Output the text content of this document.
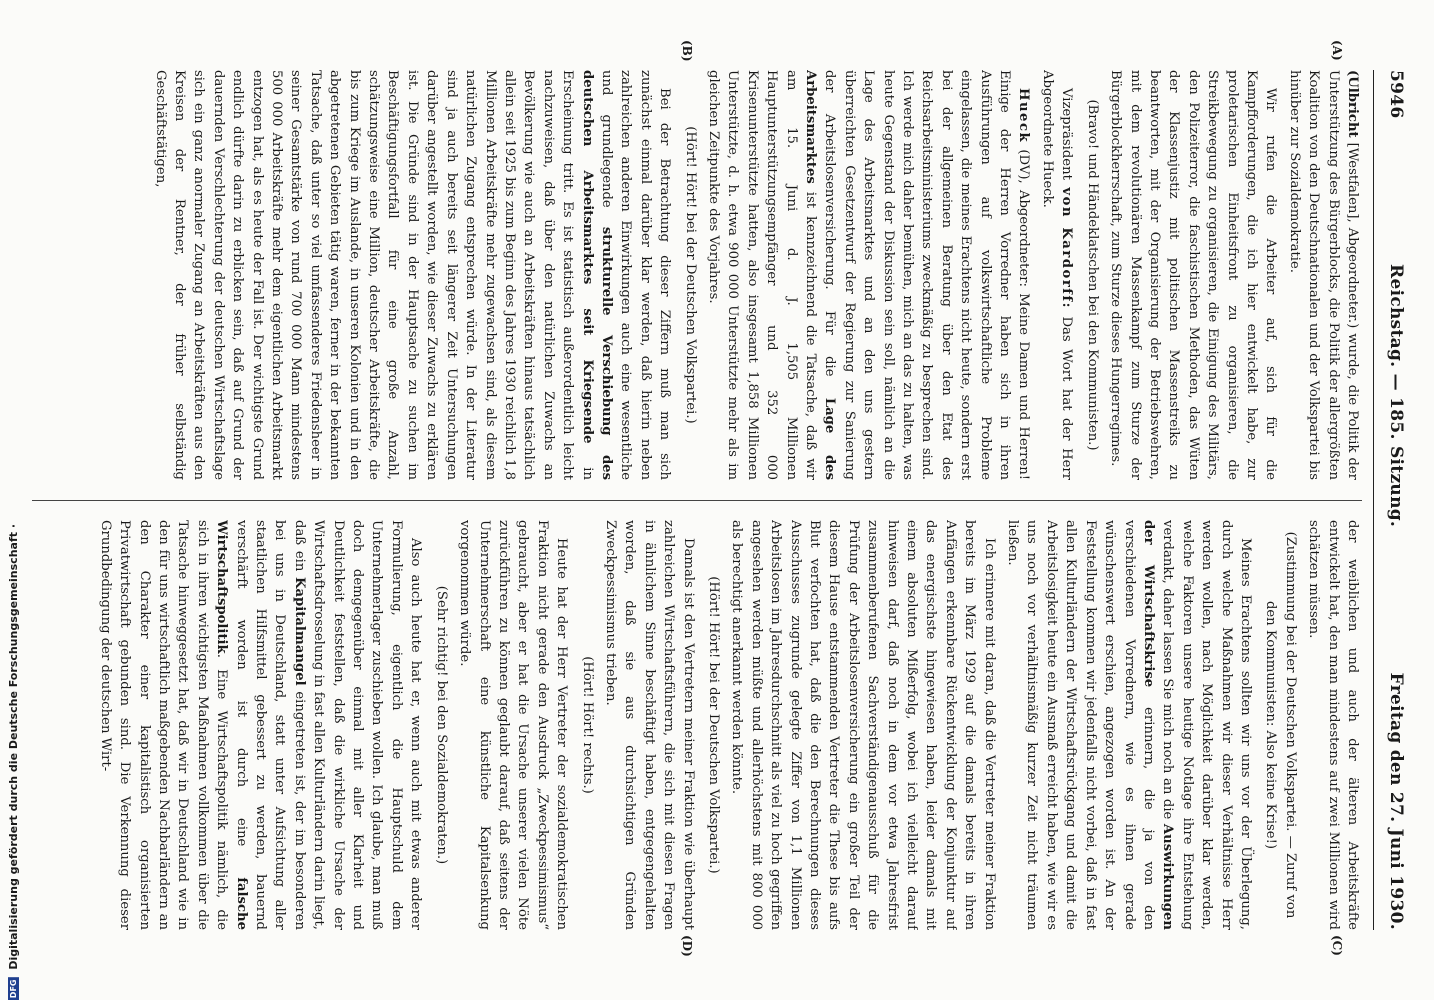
5946
Reichstag. — 185. Sitzung.
Freitag den 27. Juni 1930.
(A)
(B)
(C)
(D)

(Ulbricht [Westfalen], Abgeordneter.) wurde, die Politik der Unterstützung des Bürgerblocks, die Politik der allergrößten Koalition von den Deutschnationalen und der Volkspartei bis hinüber zur Sozialdemokratie.

Wir rufen die Arbeiter auf, sich für die Kampfforderungen, die ich hier entwickelt habe, zur proletarischen Einheitsfront zu organisieren, die Streikbewegung zu organisieren, die Einigung des Militärs, den Polizeiterror, die faschistischen Methoden, das Wüten der Klassenjustiz mit politischen Massenstreiks zu beantworten, mit der Organisierung der Betriebswehren, mit dem revolutionären Massenkampf zum Sturze der Bürgerblockherrschaft, zum Sturze dieses Hungerregimes.

(Bravo! und Händeklatschen bei den Kommunisten.)

Vizepräsident von Kardorff: Das Wort hat der Herr Abgeordnete Hueck.

Hueck (DV), Abgeordneter: Meine Damen und Herren! Einige der Herren Vorredner haben sich in ihren Ausführungen auf volkswirtschaftliche Probleme eingelassen, die meines Erachtens nicht heute, sondern erst bei der allgemeinen Beratung über den Etat des Reichsarbeitsministeriums zweckmäßig zu besprechen sind. Ich werde mich daher bemühen, mich an das zu halten, was heute Gegenstand der Diskussion sein soll, nämlich an die Lage des Arbeitsmarktes und an den uns gestern überreichten Gesetzentwurf der Regierung zur Sanierung der Arbeitslosenversicherung. Für die Lage des Arbeitsmarktes ist kennzeichnend die Tatsache, daß wir am 15. Juni d. J. 1,505 Millionen Hauptunterstützungsempfänger und 352 000 Krisenunterstützte hatten, also insgesamt 1,858 Millionen Unterstützte, d. h. etwa 900 000 Unterstützte mehr als im gleichen Zeitpunkte des Vorjahres.

(Hört! Hört! bei der Deutschen Volkspartei.)

Bei der Betrachtung dieser Ziffern muß man sich zunächst einmal darüber klar werden, daß hierin neben zahlreichen anderen Einwirkungen auch eine wesentliche und grundlegende strukturelle Verschiebung des deutschen Arbeitsmarktes seit Kriegsende in Erscheinung tritt. Es ist statistisch außerordentlich leicht nachzuweisen, daß über den natürlichen Zuwachs an Bevölkerung wie auch an Arbeitskräften hinaus tatsächlich allein seit 1925 bis zum Beginn des Jahres 1930 reichlich 1,8 Millionen Arbeitskräfte mehr zugewachsen sind, als diesem natürlichen Zugang entsprechen würde. In der Literatur sind ja auch bereits seit längerer Zeit Untersuchungen darüber angestellt worden, wie dieser Zuwachs zu erklären ist. Die Gründe sind in der Hauptsache zu suchen im Beschäftigungsfortfall für eine große Anzahl, schätzungsweise eine Million, deutscher Arbeitskräfte, die bis zum Kriege im Auslande, in unseren Kolonien und in den abgetretenen Gebieten tätig waren, ferner in der bekannten Tatsache, daß unter so viel umfassenderes Friedensheer in seiner Gesamtstärke von rund 700 000 Mann mindestens 500 000 Arbeitskräfte mehr dem eigentlichen Arbeitsmarkt entzogen hat, als es heute der Fall ist. Der wichtigste Grund endlich dürfte darin zu erblicken sein, daß auf Grund der dauernden Verschlechterung der deutschen Wirtschaftslage sich ein ganz anormaler Zugang an Arbeitskräften aus den Kreisen der Rentner, der früher selbständig Geschäftstätigen,

der weiblichen und auch der älteren Arbeitskräfte entwickelt hat, den man mindestens auf zwei Millionen wird schätzen müssen.

(Zustimmung bei der Deutschen Volkspartei. — Zuruf von den Kommunisten: Also keine Krise!)

Meines Erachtens sollten wir uns vor der Überlegung, durch welche Maßnahmen wir dieser Verhältnisse Herr werden wollen, nach Möglichkeit darüber klar werden, welche Faktoren unsere heutige Notlage ihre Entstehung verdankt, daher lassen Sie mich noch an die Auswirkungen der Wirtschaftskrise erinnern, die ja von den verschiedenen Vorrednern, wie es ihnen gerade wünschenswert erschien, angezogen worden ist. An der Feststellung kommen wir jedenfalls nicht vorbei, daß in fast allen Kulturländern der Wirtschaftsrückgang und damit die Arbeitslosigkeit heute ein Ausmaß erreicht haben, wie wir es uns noch vor verhältnismäßig kurzer Zeit nicht träumen ließen.

Ich erinnere mit daran, daß die Vertreter meiner Fraktion bereits im März 1929 auf die damals bereits in ihren Anfängen erkennbare Rückentwicklung der Konjunktur auf das energischste hingewiesen haben, leider damals mit einem absoluten Mißerfolg, wobei ich vielleicht darauf hinweisen darf, daß noch in dem vor etwa Jahresfrist zusammenberufenen Sachverständigenausschuß für die Prüfung der Arbeitslosenversicherung ein großer Teil der diesem Hause entstammenden Vertreter die These bis aufs Blut verfochten hat, daß die den Berechnungen dieses Ausschusses zugrunde gelegte Ziffer von 1,1 Millionen Arbeitslosen im Jahresdurchschnitt als viel zu hoch gegriffen angesehen werden müßte und allerhöchstens mit 800 000 als berechtigt anerkannt werden könnte.

(Hört! Hört! bei der Deutschen Volkspartei.)

Damals ist den Vertretern meiner Fraktion wie überhaupt zahlreichen Wirtschaftsführern, die sich mit diesen Fragen in ähnlichem Sinne beschäftigt haben, entgegengehalten worden, daß sie aus durchsichtigen Gründen Zweckpessimismus trieben.

(Hört! Hört! rechts.)

Heute hat der Herr Vertreter der sozialdemokratischen Fraktion nicht gerade den Ausdruck „Zweckpessimismus“ gebraucht, aber er hat die Ursache unserer vielen Nöte zurückführen zu können geglaubt darauf, daß seitens der Unternehmerschaft eine künstliche Kapitalsenkung vorgenommen würde.

(Sehr richtig! bei den Sozialdemokraten.)

Also auch heute hat er, wenn auch mit etwas anderer Formulierung, eigentlich die Hauptschuld dem Unternehmerlager zuschieben wollen. Ich glaube, man muß doch demgegenüber einmal mit aller Klarheit und Deutlichkeit feststellen, daß die wirkliche Ursache der Wirtschaftsdrosselung in fast allen Kulturländern darin liegt, daß ein Kapitalmangel eingetreten ist, der im besonderen bei uns in Deutschland, statt unter Aufsichtung aller staatlichen Hilfsmittel gebessert zu werden, bauernd verschärft worden ist durch eine falsche Wirtschaftspolitik. Eine Wirtschaftspolitik nämlich, die sich in ihren wichtigsten Maßnahmen vollkommen über die Tatsache hinweggesetzt hat, daß wir in Deutschland wie in den für uns wirtschaftlich maßgebenden Nachbarländern an den Charakter einer kapitalistisch organisierten Privatwirtschaft gebunden sind. Die Verkennung dieser Grundbedingung der deutschen Wirt-

DFG Digitalisierung gefördert durch die Deutsche Forschungsgemeinschaft ·
